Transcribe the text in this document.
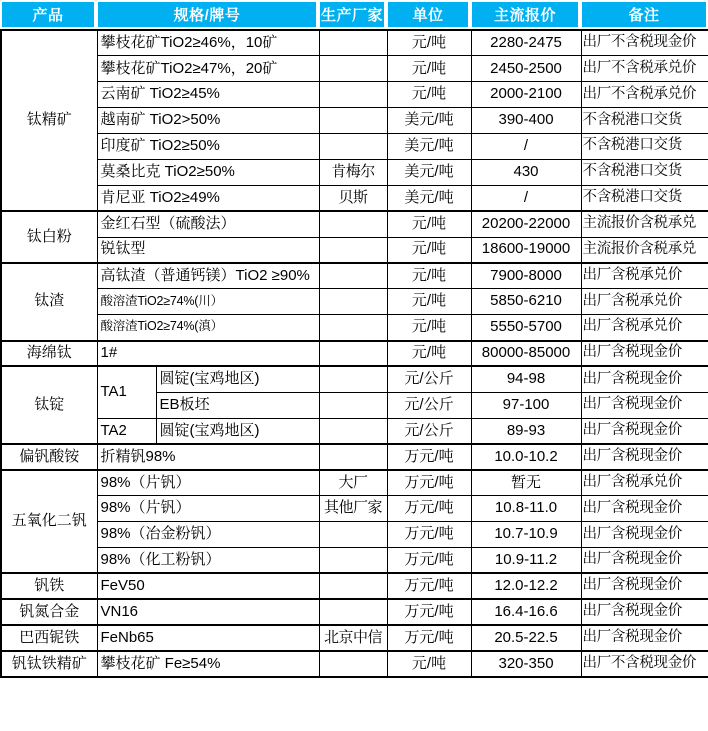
产品	规格/牌号	生产厂家	单位	主流报价	备注
钛精矿	攀枝花矿TiO2≥46%，10矿			元/吨	2280-2475	出厂不含税现金价
	攀枝花矿TiO2≥47%，20矿			元/吨	2450-2500	出厂不含税承兑价
	云南矿 TiO2≥45%			元/吨	2000-2100	出厂不含税承兑价
	越南矿 TiO2>50%			美元/吨	390-400	不含税港口交货
	印度矿 TiO2≥50%			美元/吨	/	不含税港口交货
	莫桑比克 TiO2≥50%		肯梅尔	美元/吨	430	不含税港口交货
	肯尼亚 TiO2≥49%		贝斯	美元/吨	/	不含税港口交货
钛白粉	金红石型（硫酸法）			元/吨	20200-22000	主流报价含税承兑
	锐钛型			元/吨	18600-19000	主流报价含税承兑
钛渣	高钛渣（普通钙镁）TiO2 ≥90%			元/吨	7900-8000	出厂含税承兑价
	酸溶渣TiO2≥74%(川）			元/吨	5850-6210	出厂含税承兑价
	酸溶渣TiO2≥74%(滇）			元/吨	5550-5700	出厂含税承兑价
海绵钛	1#			元/吨	80000-85000	出厂含税现金价
钛锭	TA1	圆锭(宝鸡地区)		元/公斤	94-98	出厂含税现金价
		EB板坯		元/公斤	97-100	出厂含税现金价
	TA2	圆锭(宝鸡地区)		元/公斤	89-93	出厂含税现金价
偏钒酸铵	折精钒98%			万元/吨	10.0-10.2	出厂含税现金价
五氧化二钒	98%（片钒）		大厂	万元/吨	暂无	出厂含税承兑价
	98%（片钒）		其他厂家	万元/吨	10.8-11.0	出厂含税现金价
	98%（冶金粉钒）			万元/吨	10.7-10.9	出厂含税现金价
	98%（化工粉钒）			万元/吨	10.9-11.2	出厂含税现金价
钒铁	FeV50			万元/吨	12.0-12.2	出厂含税现金价
钒氮合金	VN16			万元/吨	16.4-16.6	出厂含税现金价
巴西铌铁	FeNb65		北京中信	万元/吨	20.5-22.5	出厂含税现金价
钒钛铁精矿	攀枝花矿 Fe≥54%			元/吨	320-350	出厂不含税现金价
